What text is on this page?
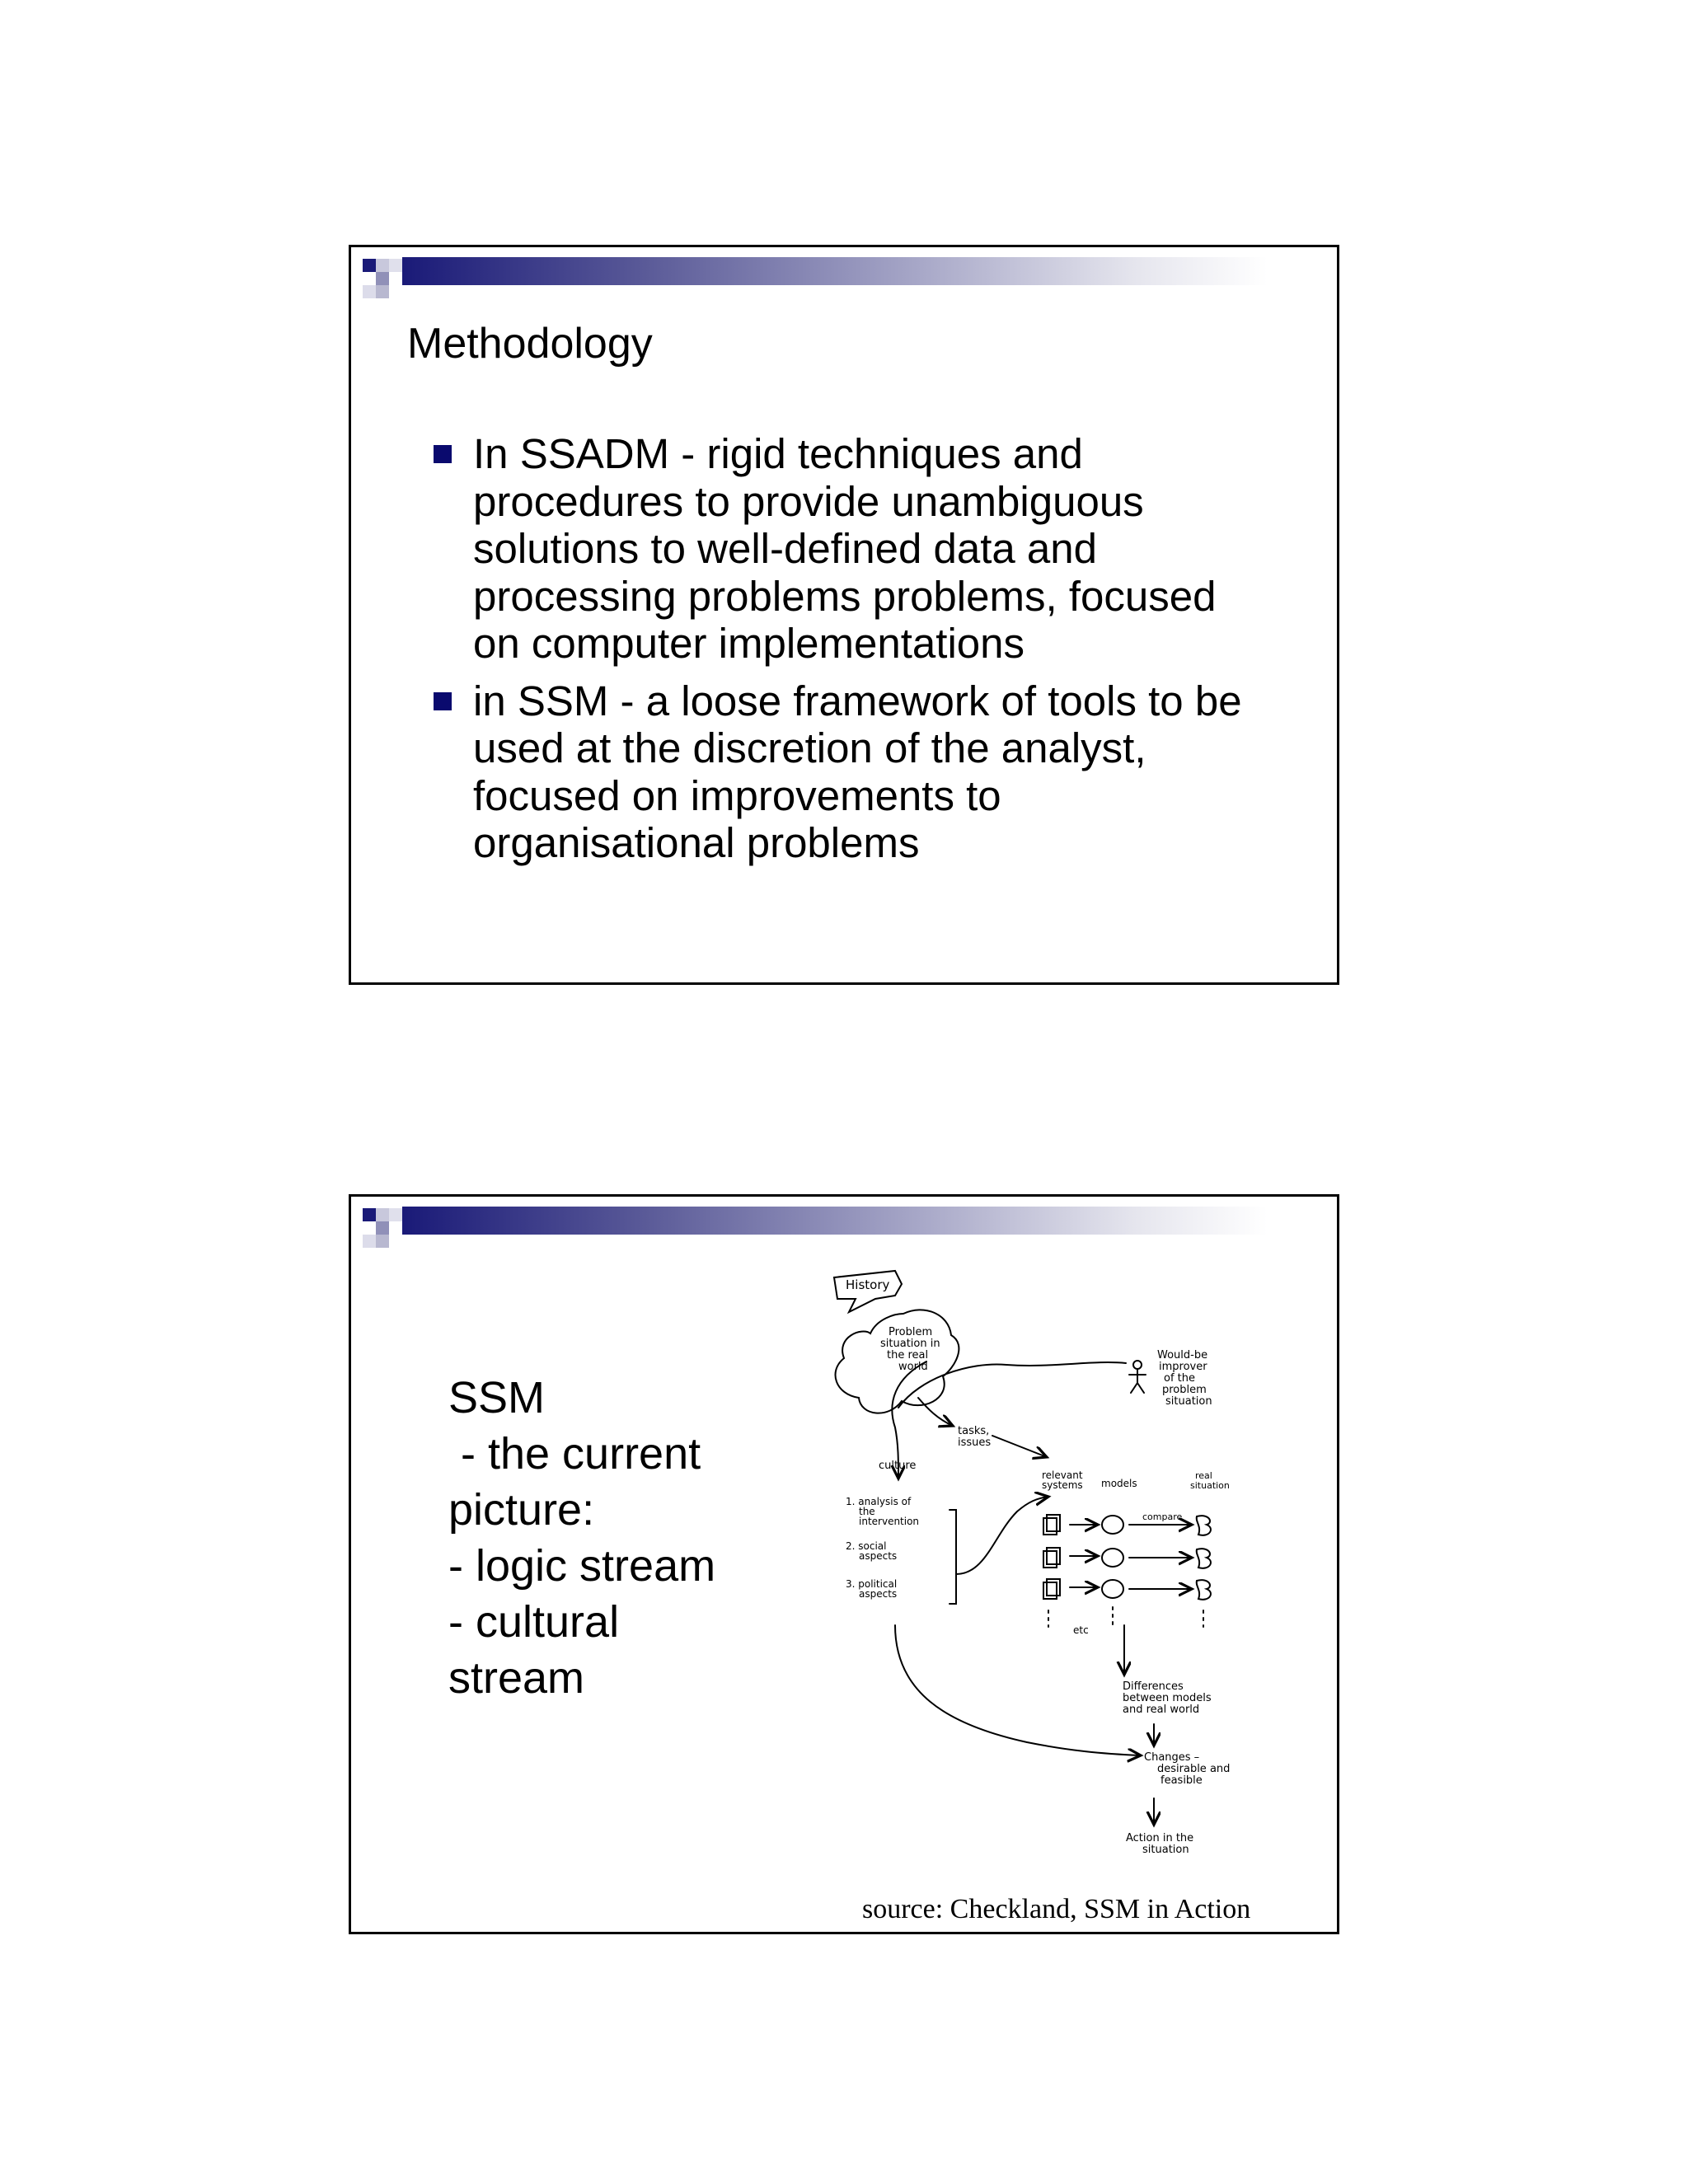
Methodology
In SSADM - rigid techniques and procedures to provide unambiguous solutions to well-defined data and processing problems problems, focused on computer implementations
in SSM - a loose framework of tools to be used at the discretion of the analyst, focused on improvements to organisational problems
SSM
- the current
picture:
- logic stream
- cultural
stream
History
Problem
situation in
the real
world
Would-be
improver
of the
problem
situation
tasks,
issues
culture
1. analysis of
the
intervention
2. social
aspects
3. political
aspects
relevant
systems models
real
situation
compare
etc
Differences
between models
and real world
Changes –
desirable and
feasible
Action in the
situation
source: Checkland, SSM in Action
